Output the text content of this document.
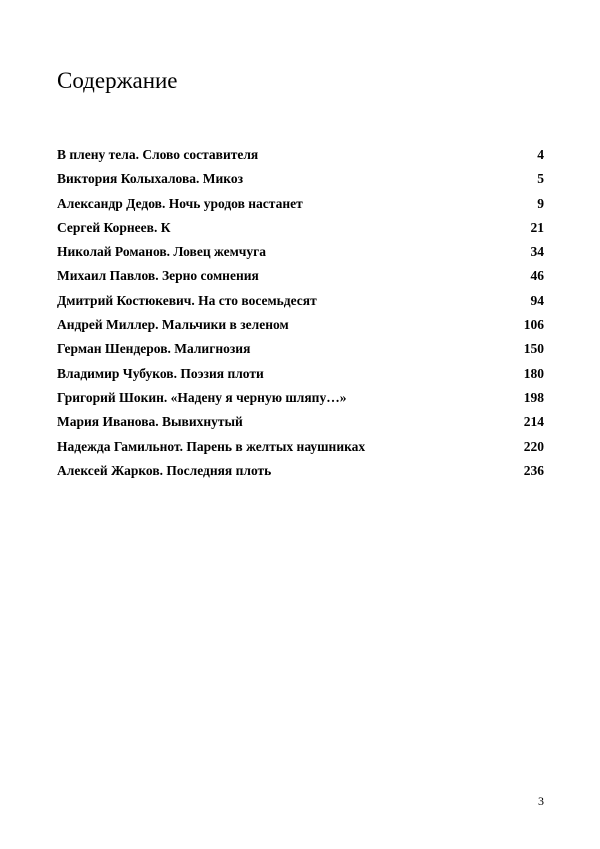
Содержание
В плену тела. Слово составителя	4
Виктория Колыхалова. Микоз	5
Александр Дедов. Ночь уродов настанет	9
Сергей Корнеев. К	21
Николай Романов. Ловец жемчуга	34
Михаил Павлов. Зерно сомнения	46
Дмитрий Костюкевич. На сто восемьдесят	94
Андрей Миллер. Мальчики в зеленом	106
Герман Шендеров. Малигнозия	150
Владимир Чубуков. Поэзия плоти	180
Григорий Шокин. «Надену я черную шляпу…»	198
Мария Иванова. Вывихнутый	214
Надежда Гамильнот. Парень в желтых наушниках	220
Алексей Жарков. Последняя плоть	236
3
